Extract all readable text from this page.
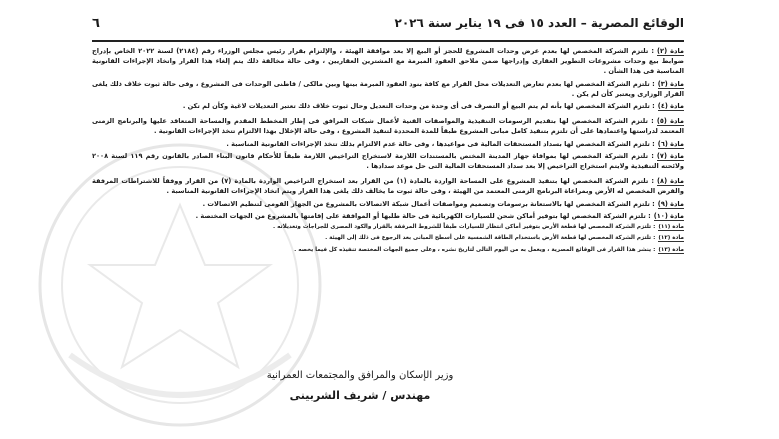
الوقائع المصرية – العدد ١٥ فى ١٩ يناير سنة ٢٠٢٦
٦

مادة (٢): تلتزم الشركة المخصص لها بعدم عرض وحدات المشروع للحجز أو البيع إلا بعد موافقة الهيئة ، والإلتزام بقرار رئيس مجلس الوزراء رقم (٢١٨٤) لسنة ٢٠٢٢ الخاص بإدراج ضوابط بيع وحدات مشروعات التطوير العقارى وإدراجها ضمن ملاحق العقود المبرمة مع المشترين العقاريين ، وفى حالة مخالفة ذلك يتم إلغاء هذا القرار واتخاذ الإجراءات القانونية المناسبة فى هذا الشأن .

مادة (٣): تلتزم الشركة المخصص لها بعدم تعارض التعديلات محل القرار مع كافة بنود العقود المبرمة بينها وبين مالكى / قاطنى الوحدات فى المشروع ، وفى حالة ثبوت خلاف ذلك يلغى القرار الوزارى ويعتبر كأن لم يكن .

مادة (٤): تلتزم الشركة المخصص لها بأنه لم يتم البيع أو التصرف فى أى وحدة من وحدات التعديل وحال ثبوت خلاف ذلك تعتبر التعديلات لاغية وكأن لم تكن .

مادة (٥): تلتزم الشركة المخصص لها بتقديم الرسومات التنفيذية والمواصفات الفنية لأعمال شبكات المرافق فى إطار المخطط المقدم والمساحة المتعاقد عليها والبرنامج الزمنى المعتمد لدراستها واعتمادها على أن تلتزم بتنفيذ كامل مبانى المشروع طبقاً للمدة المحددة لتنفيذ المشروع ، وفى حالة الإخلال بهذا الالتزام تتخذ الإجراءات القانونية .

مادة (٦): تلتزم الشركة المخصص لها بسداد المستحقات المالية فى مواعيدها ، وفى حالة عدم الالتزام بذلك تتخذ الإجراءات القانونية المناسبة .

مادة (٧): تلتزم الشركة المخصص لها بموافاة جهاز المدينة المختص بالمستندات اللازمة لاستخراج التراخيص اللازمة طبقاً للأحكام قانون البناء الصادر بالقانون رقم ١١٩ لسنة ٢٠٠٨ ولائحته التنفيذية ولايتم استخراج التراخيص إلا بعد سداد المستحقات المالية التى حل موعد سدادها .

مادة (٨): تلتزم الشركة المخصص لها بتنفيذ المشروع على المساحة الواردة بالمادة (١) من القرار بعد استخراج التراخيص الواردة بالمادة (٧) من القرار ووفقاً للاشتراطات المرفقة والفرض المخصص له الأرض وبمراعاة البرنامج الزمنى المعتمد من الهيئة ، وفى حالة ثبوت ما يخالف ذلك يلغى هذا القرار ويتم اتخاذ الإجراءات القانونية المناسبة .

مادة (٩): تلتزم الشركة المخصص لها بالاستعانة برسومات وتصميم ومواصفات أعمال شبكة الاتصالات بالمشروع من الجهاز القومى لتنظيم الاتصالات .

مادة (١٠): تلتزم الشركة المخصص لها بتوفير أماكن شحن للسيارات الكهربائية فى حالة طلبها أو الموافقة على إقامتها بالمشروع من الجهات المختصة .

مادة (١١): تلتزم الشركة المخصص لها قطعة الأرض بتوفير أماكن انتظار للسيارات طبقاً للشروط المرفقة بالقرار والكود المصرى للجراجات وتعديلاته .

مادة (١٢): تلتزم الشركة المخصص لها قطعة الأرض باستخدام الطاقة الشمسية على أسطح المبانى بعد الرجوع فى ذلك إلى الهيئة .

مادة (١٣): ينشر هذا القرار فى الوقائع المصرية ، ويعمل به من اليوم التالى لتاريخ نشره ، وعلى جميع الجهات المختصة تنفيذه كل فيما يخصه .

وزير الإسكان والمرافق والمجتمعات العمرانية
مهندس / شريف الشربينى
